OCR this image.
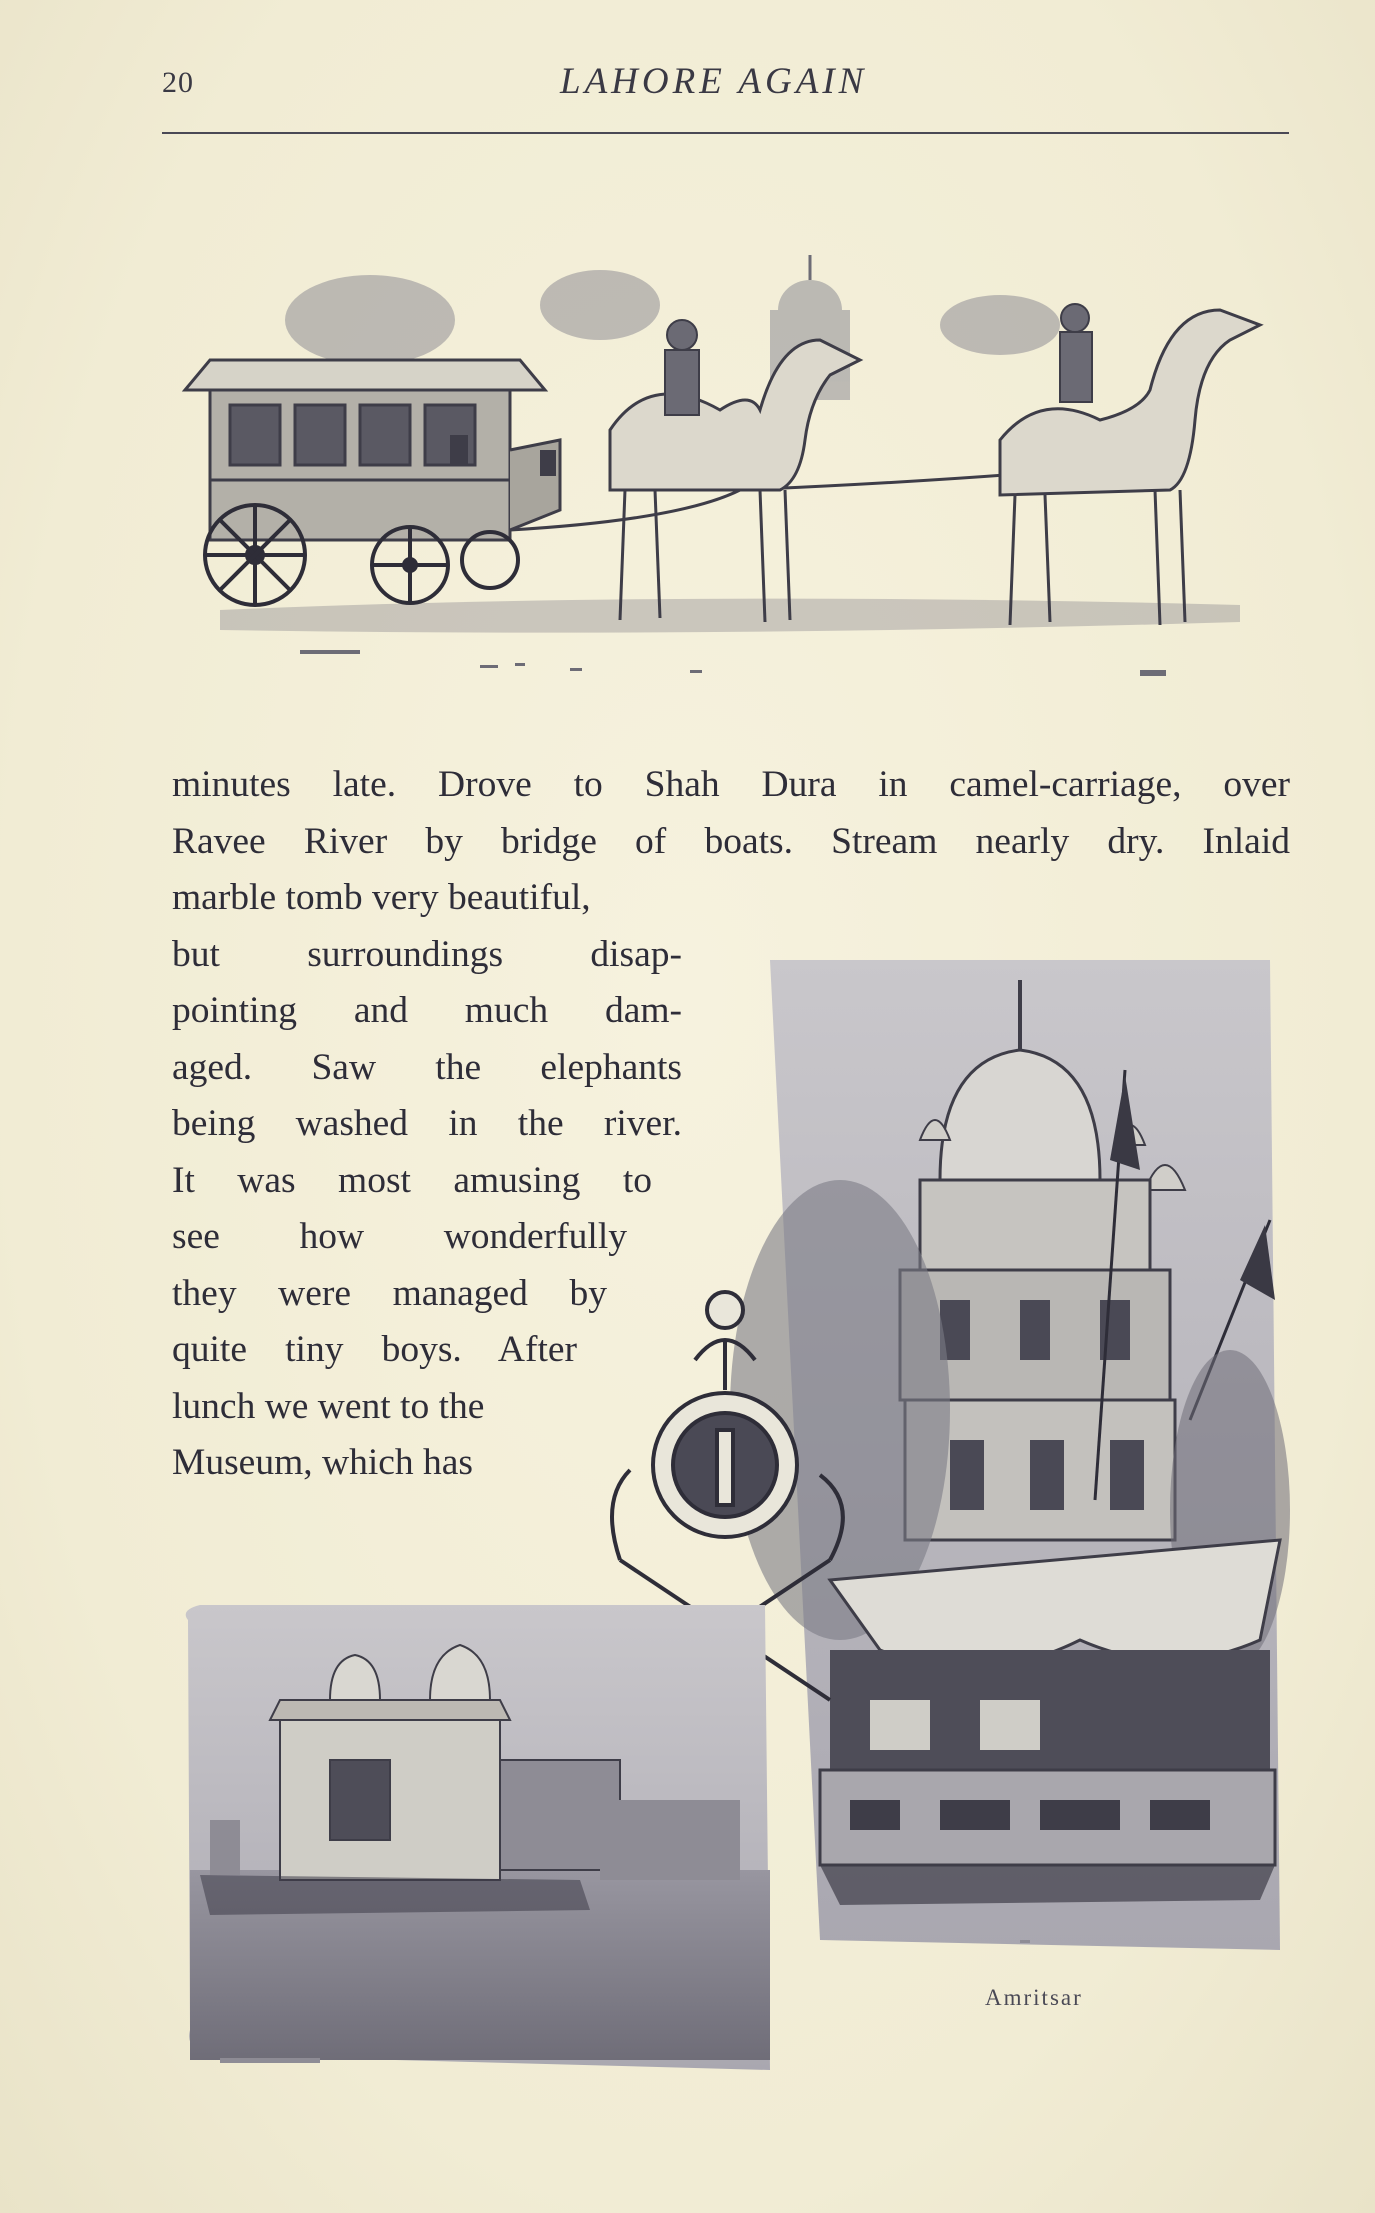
20	LAHORE AGAIN
minutes late. Drove to Shah Dura in camel-carriage, over
Ravee River by bridge of boats. Stream nearly dry. Inlaid
marble tomb very beautiful,
but surroundings disap-
pointing and much dam-
aged. Saw the elephants
being washed in the river.
It was most amusing to
see how wonderfully
they were managed by
quite tiny boys. After
lunch we went to the
Museum, which has
Amritsar
